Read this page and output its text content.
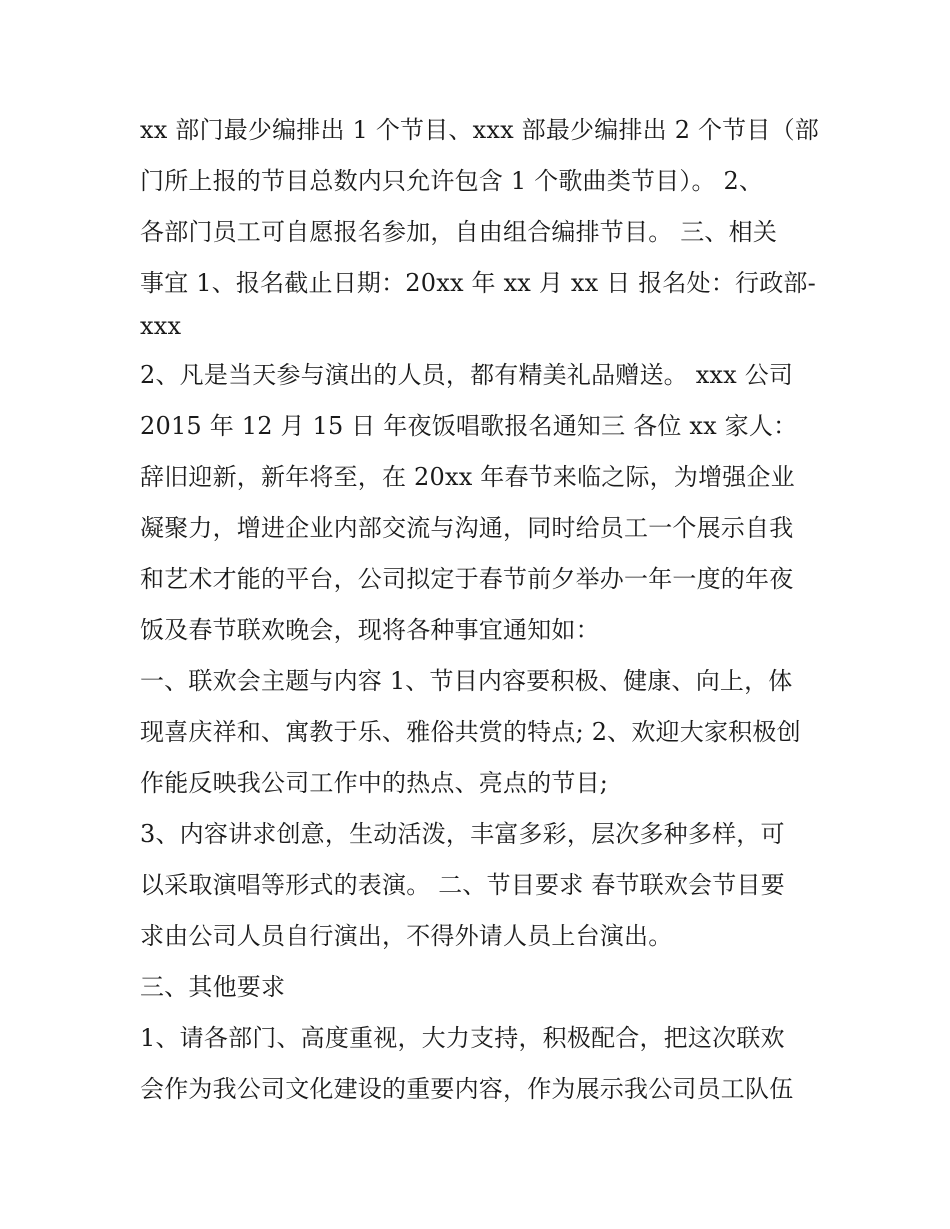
xx 部门最少编排出 1 个节目、xxx 部最少编排出 2 个节目（部
门所上报的节目总数内只允许包含 1 个歌曲类节目）。 2、
各部门员工可自愿报名参加，自由组合编排节目。 三、相关
事宜 1、报名截止日期：20xx 年 xx 月 xx 日 报名处：行政部-
xxx
2、凡是当天参与演出的人员，都有精美礼品赠送。 xxx 公司
2015 年 12 月 15 日 年夜饭唱歌报名通知三 各位 xx 家人：
辞旧迎新，新年将至，在 20xx 年春节来临之际，为增强企业
凝聚力，增进企业内部交流与沟通，同时给员工一个展示自我
和艺术才能的平台，公司拟定于春节前夕举办一年一度的年夜
饭及春节联欢晚会，现将各种事宜通知如：
一、联欢会主题与内容 1、节目内容要积极、健康、向上，体
现喜庆祥和、寓教于乐、雅俗共赏的特点; 2、欢迎大家积极创
作能反映我公司工作中的热点、亮点的节目;
3、内容讲求创意，生动活泼，丰富多彩，层次多种多样，可
以采取演唱等形式的表演。 二、节目要求 春节联欢会节目要
求由公司人员自行演出，不得外请人员上台演出。
三、其他要求
1、请各部门、高度重视，大力支持，积极配合，把这次联欢
会作为我公司文化建设的重要内容，作为展示我公司员工队伍
